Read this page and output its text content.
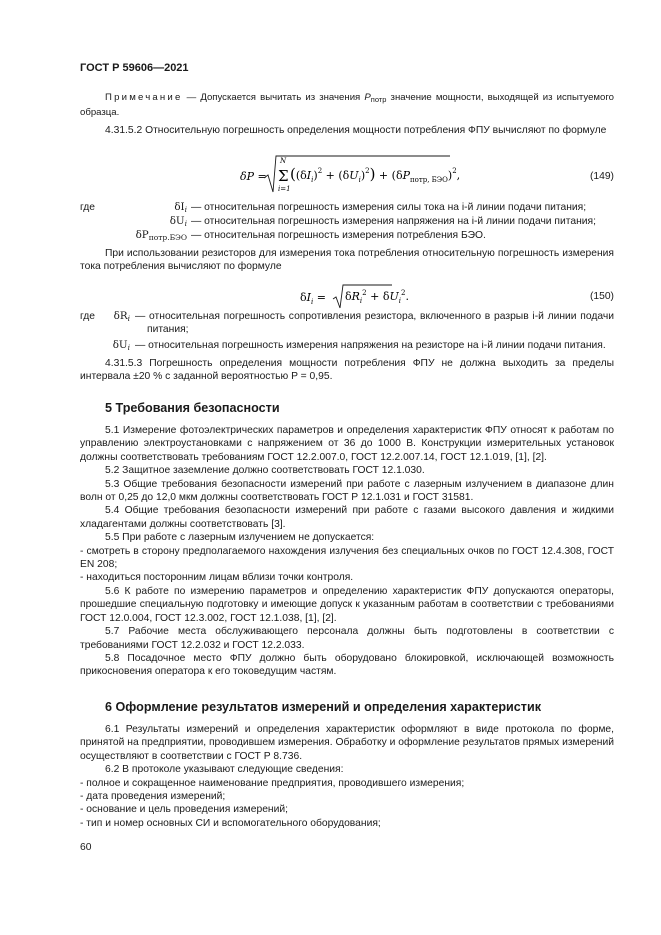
ГОСТ Р 59606—2021
Примечание — Допускается вычитать из значения $P_{потр}$ значение мощности, выходящей из испытуемого образца.
4.31.5.2 Относительную погрешность определения мощности потребления ФПУ вычисляют по формуле
δP =
N
Σ
i=1
$((\delta I_i)^2 + (\delta U_i)^2) + (\delta P_{потр, БЭО})^2$,	(149)
где	$\delta I_i$ — относительная погрешность измерения силы тока на i-й линии подачи питания;
$\delta U_i$ — относительная погрешность измерения напряжения на i-й линии подачи питания;
$\delta P_{потр.БЭО}$ — относительная погрешность измерения потребления БЭО.
При использовании резисторов для измерения тока потребления относительную погрешность измерения тока потребления вычисляют по формуле
$\delta I_i = \delta R_i^2 + \delta U_i^2$.	(150)
где	$\delta R_i$ — относительная погрешность сопротивления резистора, включенного в разрыв i-й линии подачи питания;
$\delta U_i$ — относительная погрешность измерения напряжения на резисторе на i-й линии подачи питания.
4.31.5.3 Погрешность определения мощности потребления ФПУ не должна выходить за пределы интервала ±20 % с заданной вероятностью P = 0,95.
5 Требования безопасности
5.1 Измерение фотоэлектрических параметров и определения характеристик ФПУ относят к работам по управлению электроустановками с напряжением от 36 до 1000 В. Конструкции измерительных установок должны соответствовать требованиям ГОСТ 12.2.007.0, ГОСТ 12.2.007.14, ГОСТ 12.1.019, [1], [2].
5.2 Защитное заземление должно соответствовать ГОСТ 12.1.030.
5.3 Общие требования безопасности измерений при работе с лазерным излучением в диапазоне длин волн от 0,25 до 12,0 мкм должны соответствовать ГОСТ Р 12.1.031 и ГОСТ 31581.
5.4 Общие требования безопасности измерений при работе с газами высокого давления и жидкими хладагентами должны соответствовать [3].
5.5 При работе с лазерным излучением не допускается:
- смотреть в сторону предполагаемого нахождения излучения без специальных очков по ГОСТ 12.4.308, ГОСТ EN 208;
- находиться посторонним лицам вблизи точки контроля.
5.6 К работе по измерению параметров и определению характеристик ФПУ допускаются операторы, прошедшие специальную подготовку и имеющие допуск к указанным работам в соответствии с требованиями ГОСТ 12.0.004, ГОСТ 12.3.002, ГОСТ 12.1.038, [1], [2].
5.7 Рабочие места обслуживающего персонала должны быть подготовлены в соответствии с требованиями ГОСТ 12.2.032 и ГОСТ 12.2.033.
5.8 Посадочное место ФПУ должно быть оборудовано блокировкой, исключающей возможность прикосновения оператора к его токоведущим частям.
6 Оформление результатов измерений и определения характеристик
6.1 Результаты измерений и определения характеристик оформляют в виде протокола по форме, принятой на предприятии, проводившем измерения. Обработку и оформление результатов прямых измерений осуществляют в соответствии с ГОСТ Р 8.736.
6.2 В протоколе указывают следующие сведения:
- полное и сокращенное наименование предприятия, проводившего измерения;
- дата проведения измерений;
- основание и цель проведения измерений;
- тип и номер основных СИ и вспомогательного оборудования;
60
